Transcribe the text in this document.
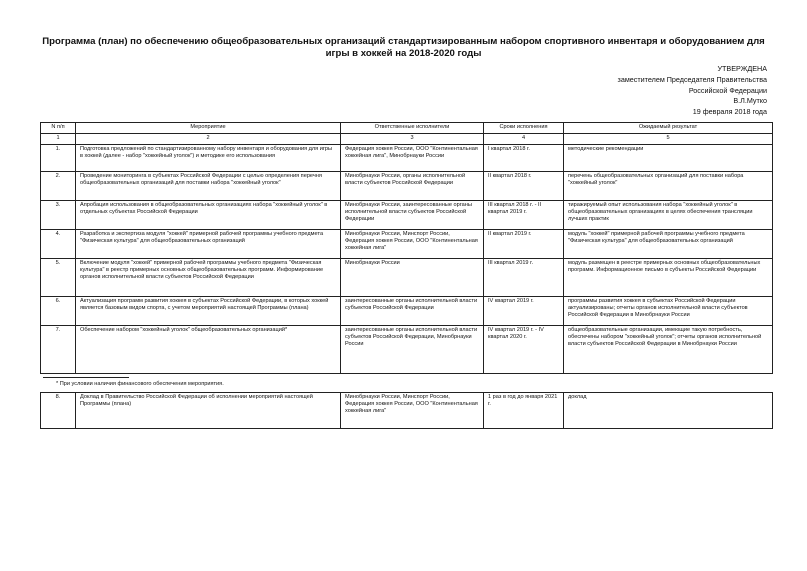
Программа (план) по обеспечению общеобразовательных организаций стандартизированным набором спортивного инвентаря и оборудованием для игры в хоккей на 2018-2020 годы
УТВЕРЖДЕНА
заместителем Председателя Правительства
Российской Федерации
В.Л.Мутко
19 февраля 2018 года
N п/п	Мероприятие	Ответственные исполнители	Сроки исполнения	Ожидаемый результат
1	2	3	4	5
1.	Подготовка предложений по стандартизированному набору инвентаря и оборудования для игры в хоккей (далее - набор "хоккейный уголок") и методике его использования	Федерация хоккея России, ООО "Континентальная хоккейная лига", Минобрнауки России	I квартал 2018 г.	методические рекомендации
2.	Проведение мониторинга в субъектах Российской Федерации с целью определения перечня общеобразовательных организаций для поставки набора "хоккейный уголок"	Минобрнауки России, органы исполнительной власти субъектов Российской Федерации	II квартал 2018 г.	перечень общеобразовательных организаций для поставки набора "хоккейный уголок"
3.	Апробация использования в общеобразовательных организациях набора "хоккейный уголок" в отдельных субъектах Российской Федерации	Минобрнауки России, заинтересованные органы исполнительной власти субъектов Российской Федерации	III квартал 2018 г. - II квартал 2019 г.	тиражируемый опыт использования набора "хоккейный уголок" в общеобразовательных организациях в целях обеспечения трансляции лучших практик
4.	Разработка и экспертиза модуля "хоккей" примерной рабочей программы учебного предмета "Физическая культура" для общеобразовательных организаций	Минобрнауки России, Минспорт России, Федерация хоккея России, ООО "Континентальная хоккейная лига"	II квартал 2019 г.	модуль "хоккей" примерной рабочей программы учебного предмета "Физическая культура" для общеобразовательных организаций
5.	Включение модуля "хоккей" примерной рабочей программы учебного предмета "Физическая культура" в реестр примерных основных общеобразовательных программ. Информирование органов исполнительной власти субъектов Российской Федерации	Минобрнауки России	III квартал 2019 г.	модуль размещен в реестре примерных основных общеобразовательных программ. Информационное письмо в субъекты Российской Федерации
6.	Актуализация программ развития хоккея в субъектах Российской Федерации, в которых хоккей является базовым видом спорта, с учетом мероприятий настоящей Программы (плана)	заинтересованные органы исполнительной власти субъектов Российской Федерации	IV квартал 2019 г.	программы развития хоккея в субъектах Российской Федерации актуализированы; отчеты органов исполнительной власти субъектов Российской Федерации в Минобрнауки России
7.	Обеспечение набором "хоккейный уголок" общеобразовательных организаций*	заинтересованные органы исполнительной власти субъектов Российской Федерации, Минобрнауки России	IV квартал 2019 г. - IV квартал 2020 г.	общеобразовательные организации, имеющие такую потребность, обеспечены набором "хоккейный уголок"; отчеты органов исполнительной власти субъектов Российской Федерации в Минобрнауки России
* При условии наличия финансового обеспечения мероприятия.
8.	Доклад в Правительство Российской Федерации об исполнении мероприятий настоящей Программы (плана)	Минобрнауки России, Минспорт России, Федерация хоккея России, ООО "Континентальная хоккейная лига"	1 раз в год до января 2021 г.	доклад
